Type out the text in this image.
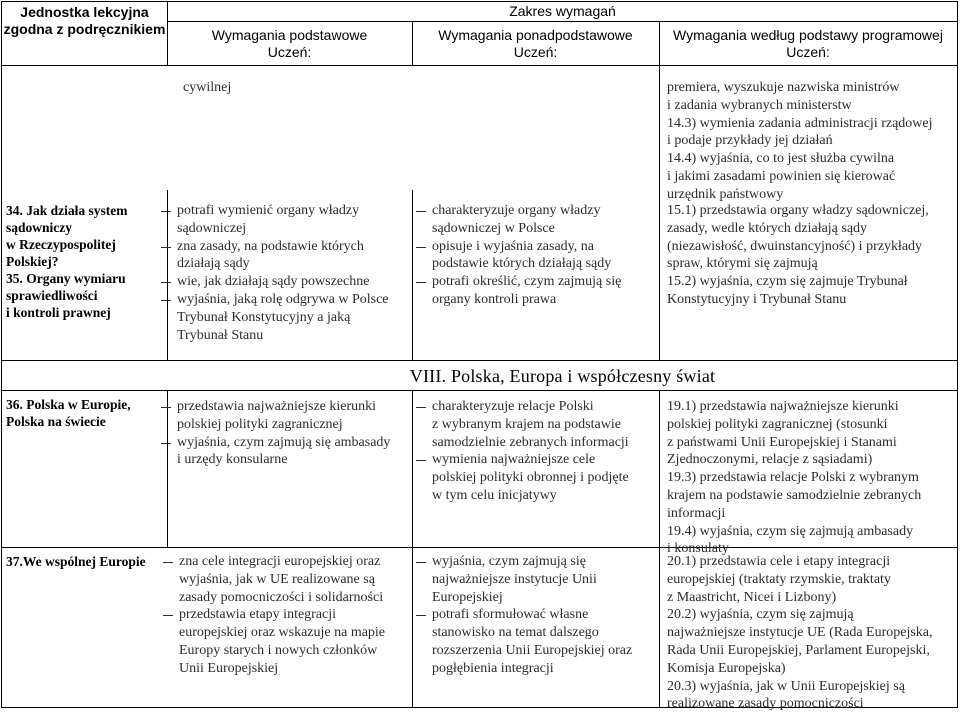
Jednostka lekcyjna
zgodna z podręcznikiem
Zakres wymagań
Wymagania podstawowe
Uczeń:
Wymagania ponadpodstawowe
Uczeń:
Wymagania według podstawy programowej
Uczeń:
cywilnej	premiera, wyszukuje nazwiska ministrów
i zadania wybranych ministerstw
14.3) wymienia zadania administracji rządowej
i podaje przykłady jej działań
14.4) wyjaśnia, co to jest służba cywilna
i jakimi zasadami powinien się kierować
urzędnik państwowy
34. Jak działa system
sądowniczy
w Rzeczypospolitej
Polskiej?
35. Organy wymiaru
sprawiedliwości
i kontroli prawnej
potrafi wymienić organy władzy
sądowniczej
zna zasady, na podstawie których
działają sądy
wie, jak działają sądy powszechne
wyjaśnia, jaką rolę odgrywa w Polsce
Trybunał Konstytucyjny a jaką
Trybunał Stanu
charakteryzuje organy władzy
sądowniczej w Polsce
opisuje i wyjaśnia zasady, na
podstawie których działają sądy
potrafi określić, czym zajmują się
organy kontroli prawa
15.1) przedstawia organy władzy sądowniczej,
zasady, wedle których działają sądy
(niezawisłość, dwuinstancyjność) i przykłady
spraw, którymi się zajmują
15.2) wyjaśnia, czym się zajmuje Trybunał
Konstytucyjny i Trybunał Stanu
VIII. Polska, Europa i współczesny świat
36. Polska w Europie,
Polska na świecie
przedstawia najważniejsze kierunki
polskiej polityki zagranicznej
wyjaśnia, czym zajmują się ambasady
i urzędy konsularne
charakteryzuje relacje Polski
z wybranym krajem na podstawie
samodzielnie zebranych informacji
wymienia najważniejsze cele
polskiej polityki obronnej i podjęte
w tym celu inicjatywy
19.1) przedstawia najważniejsze kierunki
polskiej polityki zagranicznej (stosunki
z państwami Unii Europejskiej i Stanami
Zjednoczonymi, relacje z sąsiadami)
19.3) przedstawia relacje Polski z wybranym
krajem na podstawie samodzielnie zebranych
informacji
19.4) wyjaśnia, czym się zajmują ambasady
i konsulaty
37.We wspólnej Europie	zna cele integracji europejskiej oraz
wyjaśnia, jak w UE realizowane są
zasady pomocniczości i solidarności
przedstawia etapy integracji
europejskiej oraz wskazuje na mapie
Europy starych i nowych członków
Unii Europejskiej
wyjaśnia, czym zajmują się
najważniejsze instytucje Unii
Europejskiej
potrafi sformułować własne
stanowisko na temat dalszego
rozszerzenia Unii Europejskiej oraz
pogłębienia integracji
20.1) przedstawia cele i etapy integracji
europejskiej (traktaty rzymskie, traktaty
z Maastricht, Nicei i Lizbony)
20.2) wyjaśnia, czym się zajmują
najważniejsze instytucje UE (Rada Europejska,
Rada Unii Europejskiej, Parlament Europejski,
Komisja Europejska)
20.3) wyjaśnia, jak w Unii Europejskiej są
realizowane zasady pomocniczości
